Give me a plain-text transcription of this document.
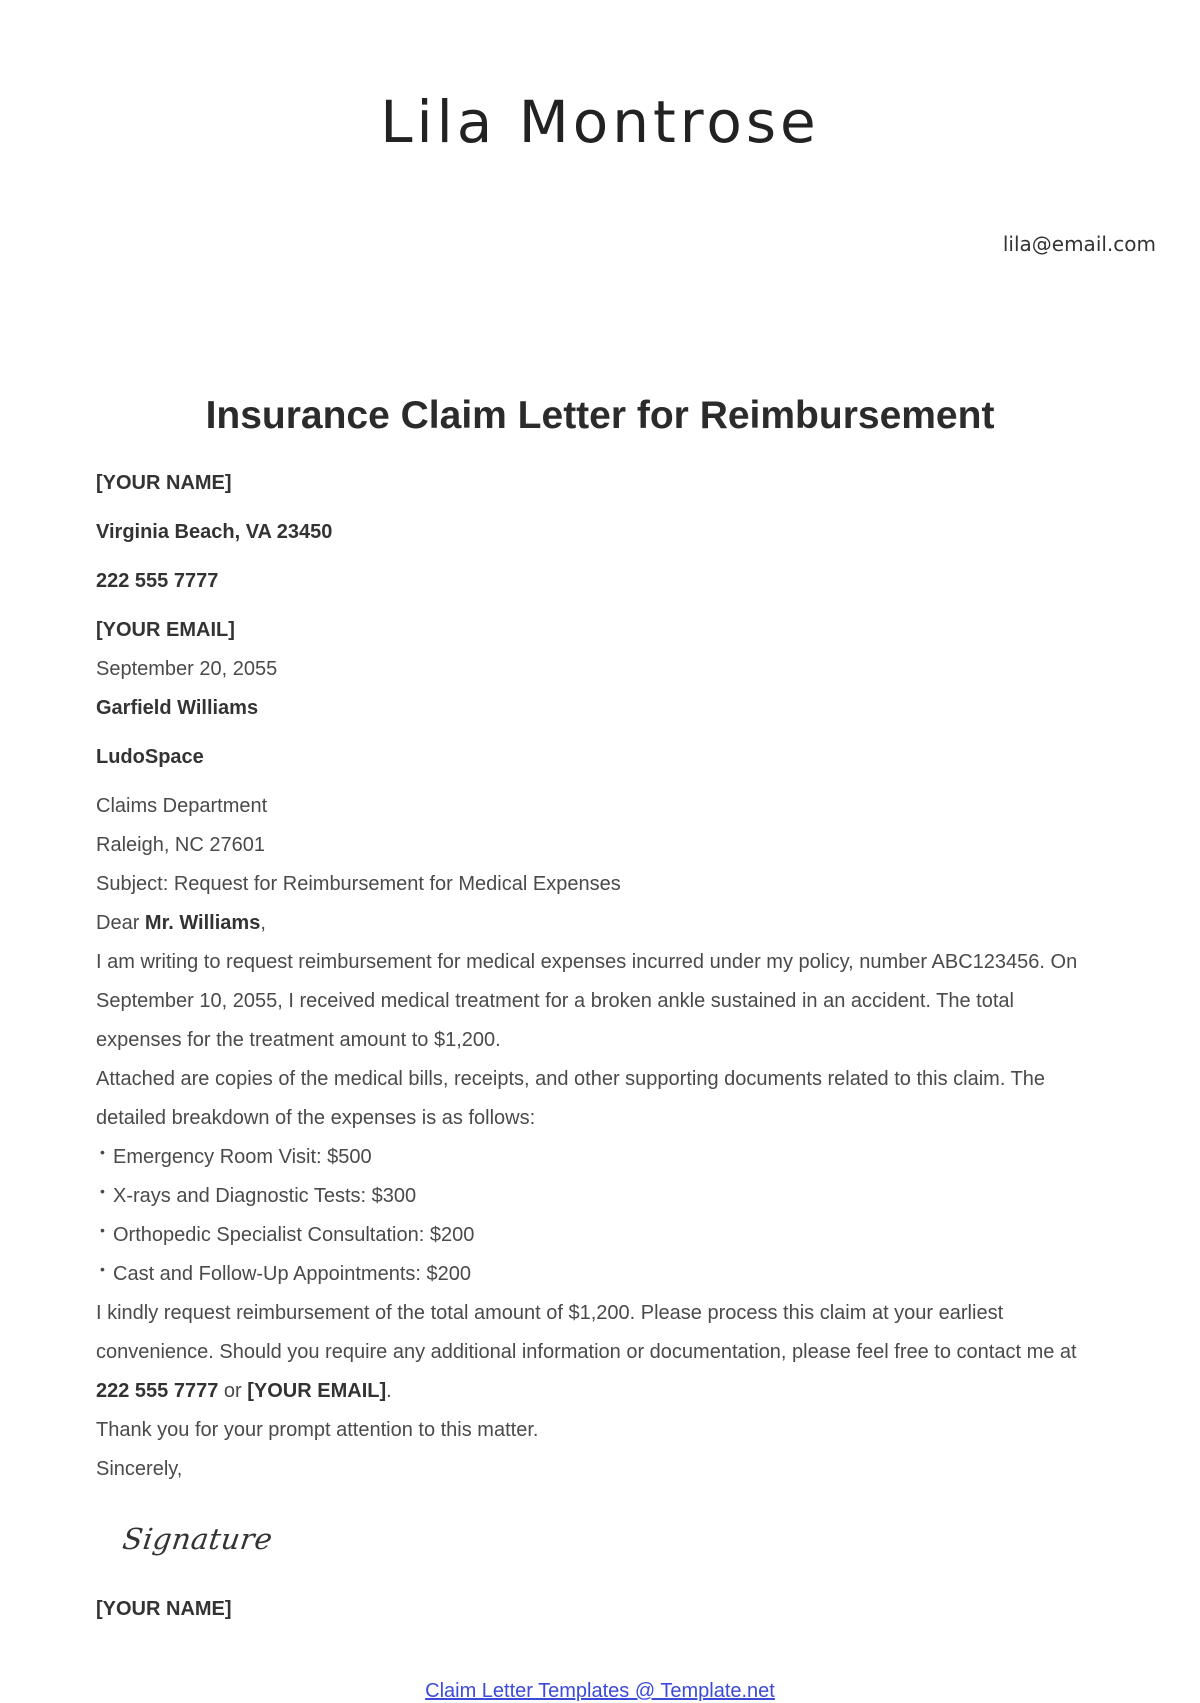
Lila Montrose
lila@email.com
Insurance Claim Letter for Reimbursement
[YOUR NAME]
Virginia Beach, VA 23450
222 555 7777
[YOUR EMAIL]
September 20, 2055
Garfield Williams
LudoSpace
Claims Department
Raleigh, NC 27601
Subject: Request for Reimbursement for Medical Expenses
Dear Mr. Williams,
I am writing to request reimbursement for medical expenses incurred under my policy, number ABC123456. On September 10, 2055, I received medical treatment for a broken ankle sustained in an accident. The total expenses for the treatment amount to $1,200.
Attached are copies of the medical bills, receipts, and other supporting documents related to this claim. The detailed breakdown of the expenses is as follows:
• Emergency Room Visit: $500
• X-rays and Diagnostic Tests: $300
• Orthopedic Specialist Consultation: $200
• Cast and Follow-Up Appointments: $200
I kindly request reimbursement of the total amount of $1,200. Please process this claim at your earliest convenience. Should you require any additional information or documentation, please feel free to contact me at 222 555 7777 or [YOUR EMAIL].
Thank you for your prompt attention to this matter.
Sincerely,
Signature
[YOUR NAME]
Claim Letter Templates @ Template.net
